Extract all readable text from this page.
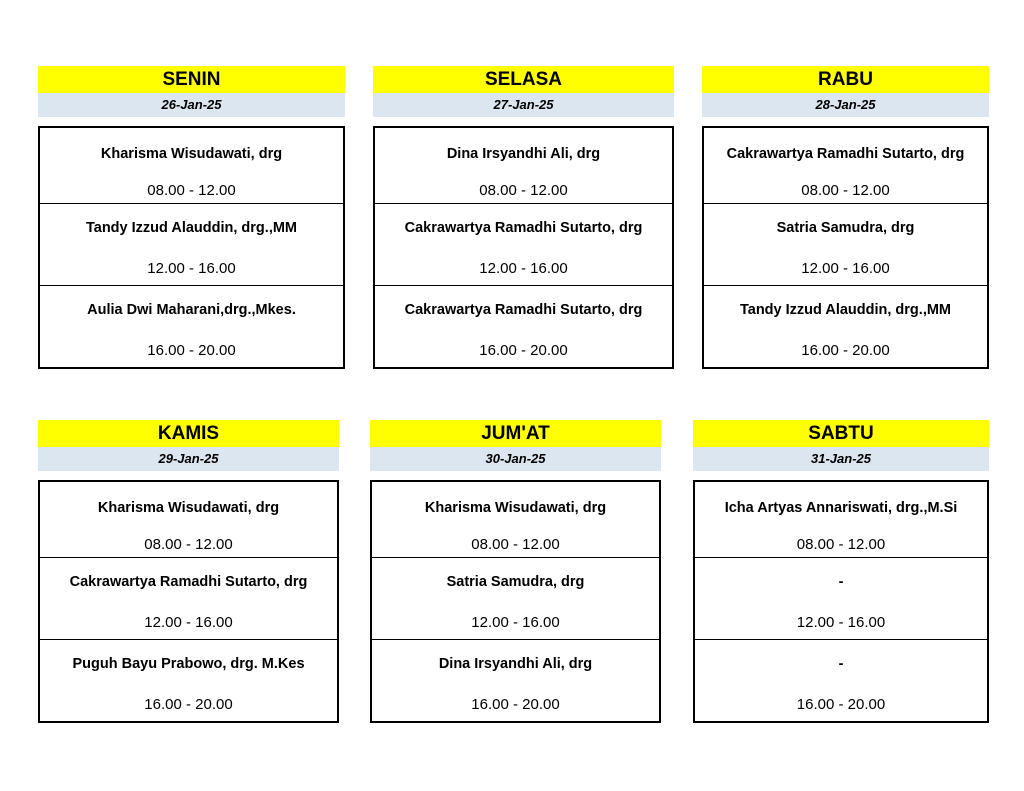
SENIN
26-Jan-25
Kharisma Wisudawati, drg
08.00 - 12.00
Tandy Izzud Alauddin, drg.,MM
12.00 - 16.00
Aulia Dwi Maharani,drg.,Mkes.
16.00 - 20.00
SELASA
27-Jan-25
Dina Irsyandhi Ali, drg
08.00 - 12.00
Cakrawartya Ramadhi Sutarto, drg
12.00 - 16.00
Cakrawartya Ramadhi Sutarto, drg
16.00 - 20.00
RABU
28-Jan-25
Cakrawartya Ramadhi Sutarto, drg
08.00 - 12.00
Satria Samudra, drg
12.00 - 16.00
Tandy Izzud Alauddin, drg.,MM
16.00 - 20.00
KAMIS
29-Jan-25
Kharisma Wisudawati, drg
08.00 - 12.00
Cakrawartya Ramadhi Sutarto, drg
12.00 - 16.00
Puguh Bayu Prabowo, drg. M.Kes
16.00 - 20.00
JUM'AT
30-Jan-25
Kharisma Wisudawati, drg
08.00 - 12.00
Satria Samudra, drg
12.00 - 16.00
Dina Irsyandhi Ali, drg
16.00 - 20.00
SABTU
31-Jan-25
Icha Artyas Annariswati, drg.,M.Si
08.00 - 12.00
-
12.00 - 16.00
-
16.00 - 20.00
